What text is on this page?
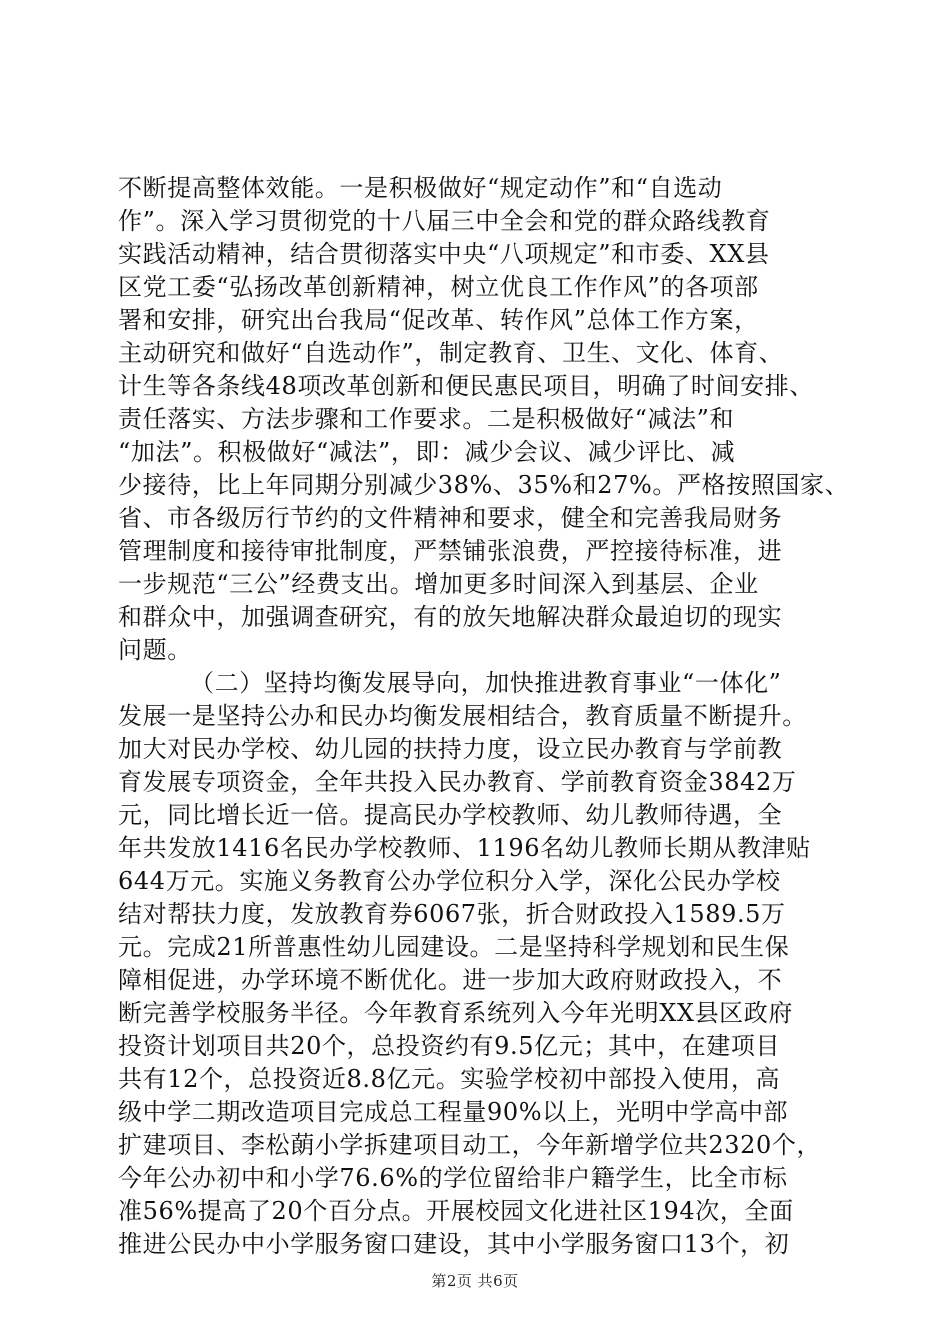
不断提高整体效能。一是积极做好“规定动作”和“自选动
作”。深入学习贯彻党的十八届三中全会和党的群众路线教育
实践活动精神，结合贯彻落实中央“八项规定”和市委、XX县
区党工委“弘扬改革创新精神，树立优良工作作风”的各项部
署和安排，研究出台我局“促改革、转作风”总体工作方案，
主动研究和做好“自选动作”，制定教育、卫生、文化、体育、
计生等各条线48项改革创新和便民惠民项目，明确了时间安排、
责任落实、方法步骤和工作要求。二是积极做好“减法”和
“加法”。积极做好“减法”，即：减少会议、减少评比、减
少接待，比上年同期分别减少38%、35%和27%。严格按照国家、
省、市各级厉行节约的文件精神和要求，健全和完善我局财务
管理制度和接待审批制度，严禁铺张浪费，严控接待标准，进
一步规范“三公”经费支出。增加更多时间深入到基层、企业
和群众中，加强调查研究，有的放矢地解决群众最迫切的现实
问题。
（二）坚持均衡发展导向，加快推进教育事业“一体化”
发展一是坚持公办和民办均衡发展相结合，教育质量不断提升。
加大对民办学校、幼儿园的扶持力度，设立民办教育与学前教
育发展专项资金，全年共投入民办教育、学前教育资金3842万
元，同比增长近一倍。提高民办学校教师、幼儿教师待遇，全
年共发放1416名民办学校教师、1196名幼儿教师长期从教津贴
644万元。实施义务教育公办学位积分入学，深化公民办学校
结对帮扶力度，发放教育券6067张，折合财政投入1589.5万
元。完成21所普惠性幼儿园建设。二是坚持科学规划和民生保
障相促进，办学环境不断优化。进一步加大政府财政投入，不
断完善学校服务半径。今年教育系统列入今年光明XX县区政府
投资计划项目共20个，总投资约有9.5亿元；其中，在建项目
共有12个，总投资近8.8亿元。实验学校初中部投入使用，高
级中学二期改造项目完成总工程量90%以上，光明中学高中部
扩建项目、李松蓢小学拆建项目动工，今年新增学位共2320个，
今年公办初中和小学76.6%的学位留给非户籍学生，比全市标
准56%提高了20个百分点。开展校园文化进社区194次，全面
推进公民办中小学服务窗口建设，其中小学服务窗口13个，初
第2页 共6页
